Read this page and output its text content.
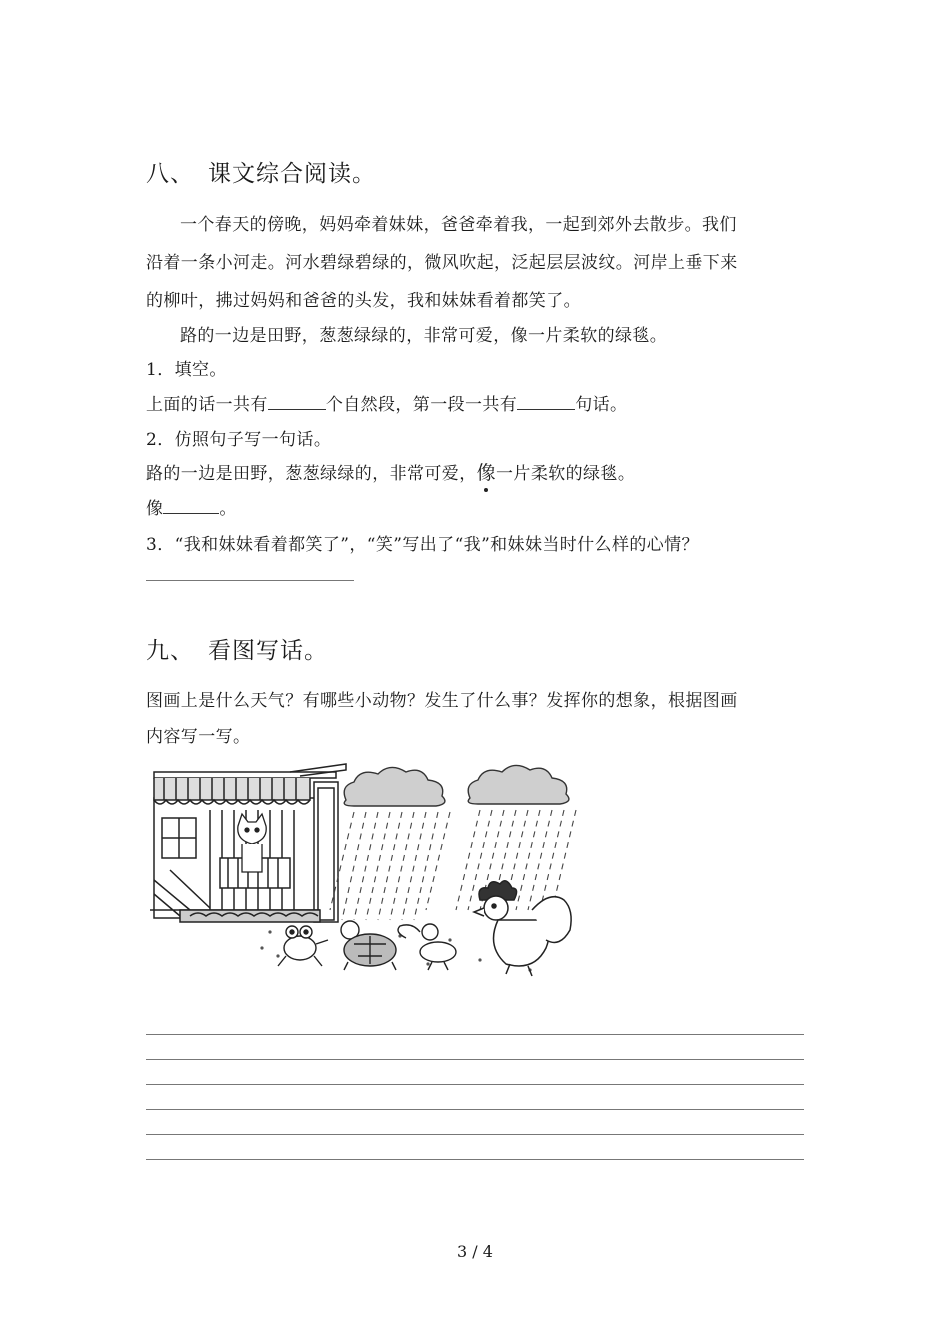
八、 课文综合阅读。
一个春天的傍晚，妈妈牵着妹妹，爸爸牵着我，一起到郊外去散步。我们
沿着一条小河走。河水碧绿碧绿的，微风吹起，泛起层层波纹。河岸上垂下来
的柳叶，拂过妈妈和爸爸的头发，我和妹妹看着都笑了。
路的一边是田野，葱葱绿绿的，非常可爱，像一片柔软的绿毯。
1．填空。
上面的话一共有	个自然段，第一段一共有	句话。
2．仿照句子写一句话。
路的一边是田野，葱葱绿绿的，非常可爱，像一片柔软的绿毯。
像	。
3．“我和妹妹看着都笑了”，“笑”写出了“我”和妹妹当时什么样的心情？
九、 看图写话。
图画上是什么天气？有哪些小动物？发生了什么事？发挥你的想象，根据图画
内容写一写。
3 / 4
